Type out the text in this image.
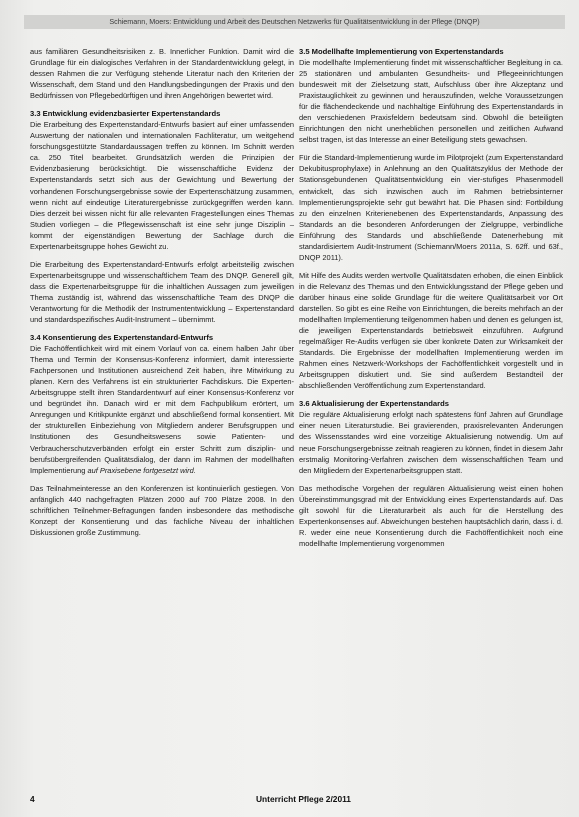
Schiemann, Moers: Entwicklung und Arbeit des Deutschen Netzwerks für Qualitätsentwicklung in der Pflege (DNQP)

aus familiären Gesundheitsrisiken z. B. Innerlicher Funktion. Damit wird die Grundlage für ein dialogisches Verfahren in der Standardentwicklung gelegt, in dessen Rahmen die zur Verfügung stehende Literatur nach den Kriterien der Wissenschaft, dem Stand und den Handlungsbedingungen der Praxis und den Bedürfnissen von Pflegebedürftigen und ihren Angehörigen bewertet wird.

3.3 Entwicklung evidenzbasierter Expertenstandards

Die Erarbeitung des Expertenstandard-Entwurfs basiert auf einer umfassenden Auswertung der nationalen und internationalen Fachliteratur, um weitgehend forschungsgestützte Standardaussagen treffen zu können. Im Schnitt werden ca. 250 Titel bearbeitet. Grundsätzlich werden die Prinzipien der Evidenzbasierung berücksichtigt. Die wissenschaftliche Evidenz der Expertenstandards setzt sich aus der Gewichtung und Bewertung der vorhandenen Forschungsergebnisse sowie der Expertenschätzung zusammen, wenn nicht auf eindeutige Literaturergebnisse zurückgegriffen werden kann. Dies derzeit bei wissen nicht für alle relevanten Fragestellungen eines Themas Studien vorliegen – die Pflegewissenschaft ist eine sehr junge Disziplin – kommt der eigenständigen Bewertung der Sachlage durch die Expertenarbeitsgruppe hohes Gewicht zu.

Die Erarbeitung des Expertenstandard-Entwurfs erfolgt arbeitsteilig zwischen Expertenarbeitsgruppe und wissenschaftlichem Team des DNQP. Generell gilt, dass die Expertenarbeitsgruppe für die inhaltlichen Aussagen zum jeweiligen Thema zuständig ist, während das wissenschaftliche Team des DNQP die Verantwortung für die Methodik der Instrumententwicklung – Expertenstandard und standardspezifisches Audit-Instrument – übernimmt.

3.4 Konsentierung des Expertenstandard-Entwurfs

Die Fachöffentlichkeit wird mit einem Vorlauf von ca. einem halben Jahr über Thema und Termin der Konsensus-Konferenz informiert, damit interessierte Fachpersonen und Institutionen ausreichend Zeit haben, ihre Mitwirkung zu planen. Kern des Verfahrens ist ein strukturierter Fachdiskurs. Die Experten-Arbeitsgruppe stellt ihren Standardentwurf auf einer Konsensus-Konferenz vor und begründet ihn. Danach wird er mit dem Fachpublikum erörtert, um Anregungen und Kritikpunkte ergänzt und abschließend formal konsentiert. Mit der strukturellen Einbeziehung von Mitgliedern anderer Berufsgruppen und Institutionen des Gesundheitswesens sowie Patienten- und Verbraucherschutzverbänden erfolgt ein erster Schritt zum disziplin- und berufsübergreifenden Qualitätsdialog, der dann im Rahmen der modellhaften Implementierung auf Praxisebene fortgesetzt wird.

Das Teilnahmeinteresse an den Konferenzen ist kontinuierlich gestiegen. Von anfänglich 440 nachgefragten Plätzen 2000 auf 700 Plätze 2008. In den schriftlichen Teilnehmer-Befragungen fanden insbesondere das methodische Konzept der Konsentierung und das fachliche Niveau der inhaltlichen Diskussionen große Zustimmung.

3.5 Modellhafte Implementierung von Expertenstandards

Die modellhafte Implementierung findet mit wissenschaftlicher Begleitung in ca. 25 stationären und ambulanten Gesundheits- und Pflegeeinrichtungen bundesweit mit der Zielsetzung statt, Aufschluss über ihre Akzeptanz und Praxistauglichkeit zu gewinnen und herauszufinden, welche Voraussetzungen für die flächendeckende und nachhaltige Einführung des Expertenstandards in den verschiedenen Praxisfeldern bedeutsam sind. Obwohl die beteiligten Einrichtungen den nicht unerheblichen personellen und zeitlichen Aufwand selbst tragen, ist das Interesse an einer Beteiligung stets gewachsen.

Für die Standard-Implementierung wurde im Pilotprojekt (zum Expertenstandard Dekubitusprophylaxe) in Anlehnung an den Qualitätszyklus der Methode der Stationsgebundenen Qualitätsentwicklung ein vier-stufiges Phasenmodell entwickelt, das sich inzwischen auch im Rahmen betriebsinterner Implementierungsprojekte sehr gut bewährt hat. Die Phasen sind: Fortbildung zu den einzelnen Kriterienebenen des Expertenstandards, Anpassung des Standards an die besonderen Anforderungen der Zielgruppe, verbindliche Einführung des Standards und abschließende Datenerhebung mit standardisiertem Audit-Instrument (Schiemann/Moers 2011a, S. 62ff. und 63f., DNQP 2011).

Mit Hilfe des Audits werden wertvolle Qualitätsdaten erhoben, die einen Einblick in die Relevanz des Themas und den Entwicklungsstand der Pflege geben und darüber hinaus eine solide Grundlage für die weitere Qualitätsarbeit vor Ort darstellen. So gibt es eine Reihe von Einrichtungen, die bereits mehrfach an der modellhaften Implementierung teilgenommen haben und denen es gelungen ist, die jeweiligen Expertenstandards betriebsweit einzuführen. Aufgrund regelmäßiger Re-Audits verfügen sie über konkrete Daten zur Wirksamkeit der Standards. Die Ergebnisse der modellhaften Implementierung werden im Rahmen eines Netzwerk-Workshops der Fachöffentlichkeit vorgestellt und in Arbeitsgruppen diskutiert und. Sie sind außerdem Bestandteil der abschließenden Veröffentlichung zum Expertenstandard.

3.6 Aktualisierung der Expertenstandards

Die reguläre Aktualisierung erfolgt nach spätestens fünf Jahren auf Grundlage einer neuen Literaturstudie. Bei gravierenden, praxisrelevanten Änderungen des Wissensstandes wird eine vorzeitige Aktualisierung notwendig. Um auf neue Forschungsergebnisse zeitnah reagieren zu können, findet in diesem Jahr erstmalig Monitoring-Verfahren zwischen dem wissenschaftlichen Team und den Mitgliedern der Expertenarbeitsgruppen statt.

Das methodische Vorgehen der regulären Aktualisierung weist einen hohen Übereinstimmungsgrad mit der Entwicklung eines Expertenstandards auf. Das gilt sowohl für die Literaturarbeit als auch für die Herstellung des Expertenkonsenses auf. Abweichungen bestehen hauptsächlich darin, dass i. d. R. weder eine neue Konsentierung durch die Fachöffentlichkeit noch eine modellhafte Implementierung vorgenommen

4	Unterricht Pflege 2/2011
